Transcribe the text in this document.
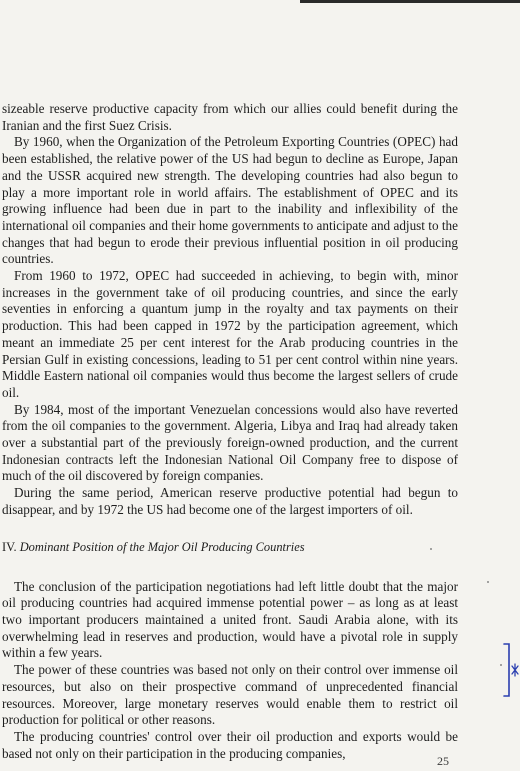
sizeable reserve productive capacity from which our allies could benefit during the Iranian and the first Suez Crisis.

By 1960, when the Organization of the Petroleum Exporting Countries (OPEC) had been established, the relative power of the US had begun to decline as Europe, Japan and the USSR acquired new strength. The developing countries had also begun to play a more important role in world affairs. The establishment of OPEC and its growing influence had been due in part to the inability and inflexibility of the international oil companies and their home governments to anticipate and adjust to the changes that had begun to erode their previous influential position in oil producing countries.

From 1960 to 1972, OPEC had succeeded in achieving, to begin with, minor increases in the government take of oil producing countries, and since the early seventies in enforcing a quantum jump in the royalty and tax payments on their production. This had been capped in 1972 by the participation agreement, which meant an immediate 25 per cent interest for the Arab producing countries in the Persian Gulf in existing concessions, leading to 51 per cent control within nine years. Middle Eastern national oil companies would thus become the largest sellers of crude oil.

By 1984, most of the important Venezuelan concessions would also have reverted from the oil companies to the government. Algeria, Libya and Iraq had already taken over a substantial part of the previously foreign-owned production, and the current Indonesian contracts left the Indonesian National Oil Company free to dispose of much of the oil discovered by foreign companies.

During the same period, American reserve productive potential had begun to disappear, and by 1972 the US had become one of the largest importers of oil.

IV. Dominant Position of the Major Oil Producing Countries

The conclusion of the participation negotiations had left little doubt that the major oil producing countries had acquired immense potential power – as long as at least two important producers maintained a united front. Saudi Arabia alone, with its overwhelming lead in reserves and production, would have a pivotal role in supply within a few years.

The power of these countries was based not only on their control over immense oil resources, but also on their prospective command of unprecedented financial resources. Moreover, large monetary reserves would enable them to restrict oil production for political or other reasons.

The producing countries' control over their oil production and exports would be based not only on their participation in the producing companies,

25
